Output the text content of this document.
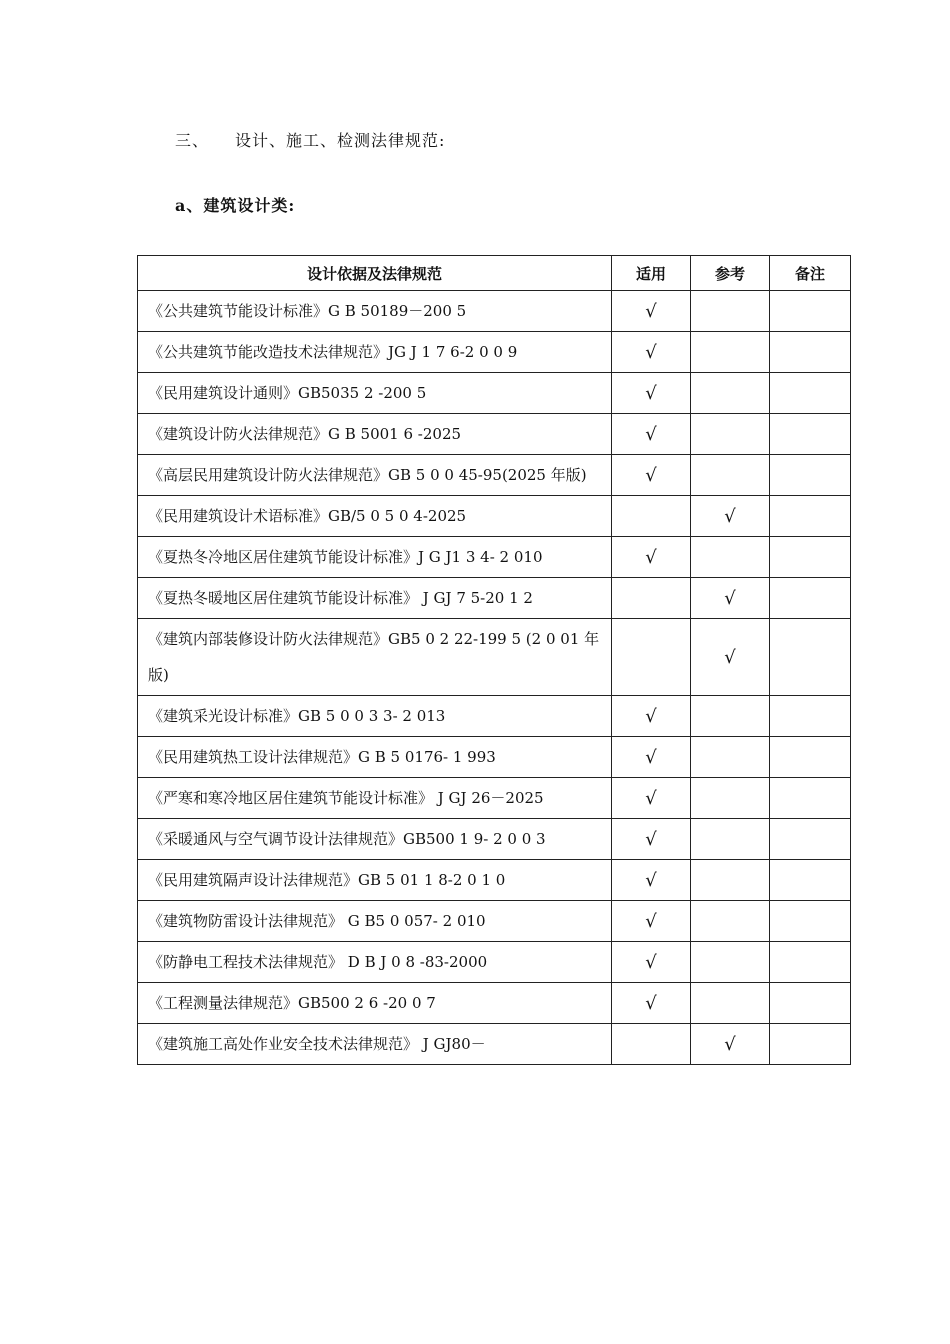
三、 设计、施工、检测法律规范:
a、建筑设计类:
设计依据及法律规范	适用	参考	备注
《公共建筑节能设计标准》G B 50189－200 5	√		
《公共建筑节能改造技术法律规范》JG J 1 7 6-2 0 0 9	√		
《民用建筑设计通则》GB5035 2 -200 5	√		
《建筑设计防火法律规范》G B 5001 6 -2025	√		
《高层民用建筑设计防火法律规范》GB 5 0 0 45-95(2025 年版)	√		
《民用建筑设计术语标准》GB/5 0 5 0 4-2025		√	
《夏热冬冷地区居住建筑节能设计标准》J G J1 3 4- 2 010	√		
《夏热冬暖地区居住建筑节能设计标准》 J GJ 7 5-20 1 2		√	
《建筑内部装修设计防火法律规范》GB5 0 2 22-199 5 (2 0 01 年版)		√	
《建筑采光设计标准》GB 5 0 0 3 3- 2 013	√		
《民用建筑热工设计法律规范》G B 5 0176- 1 993	√		
《严寒和寒冷地区居住建筑节能设计标准》 J GJ 26－2025	√		
《采暖通风与空气调节设计法律规范》GB500 1 9- 2 0 0 3	√		
《民用建筑隔声设计法律规范》GB 5 01 1 8-2 0 1 0	√		
《建筑物防雷设计法律规范》 G B5 0 057- 2 010	√		
《防静电工程技术法律规范》 D B J 0 8 -83-2000	√		
《工程测量法律规范》GB500 2 6 -20 0 7	√		
《建筑施工高处作业安全技术法律规范》 J GJ80－		√	
